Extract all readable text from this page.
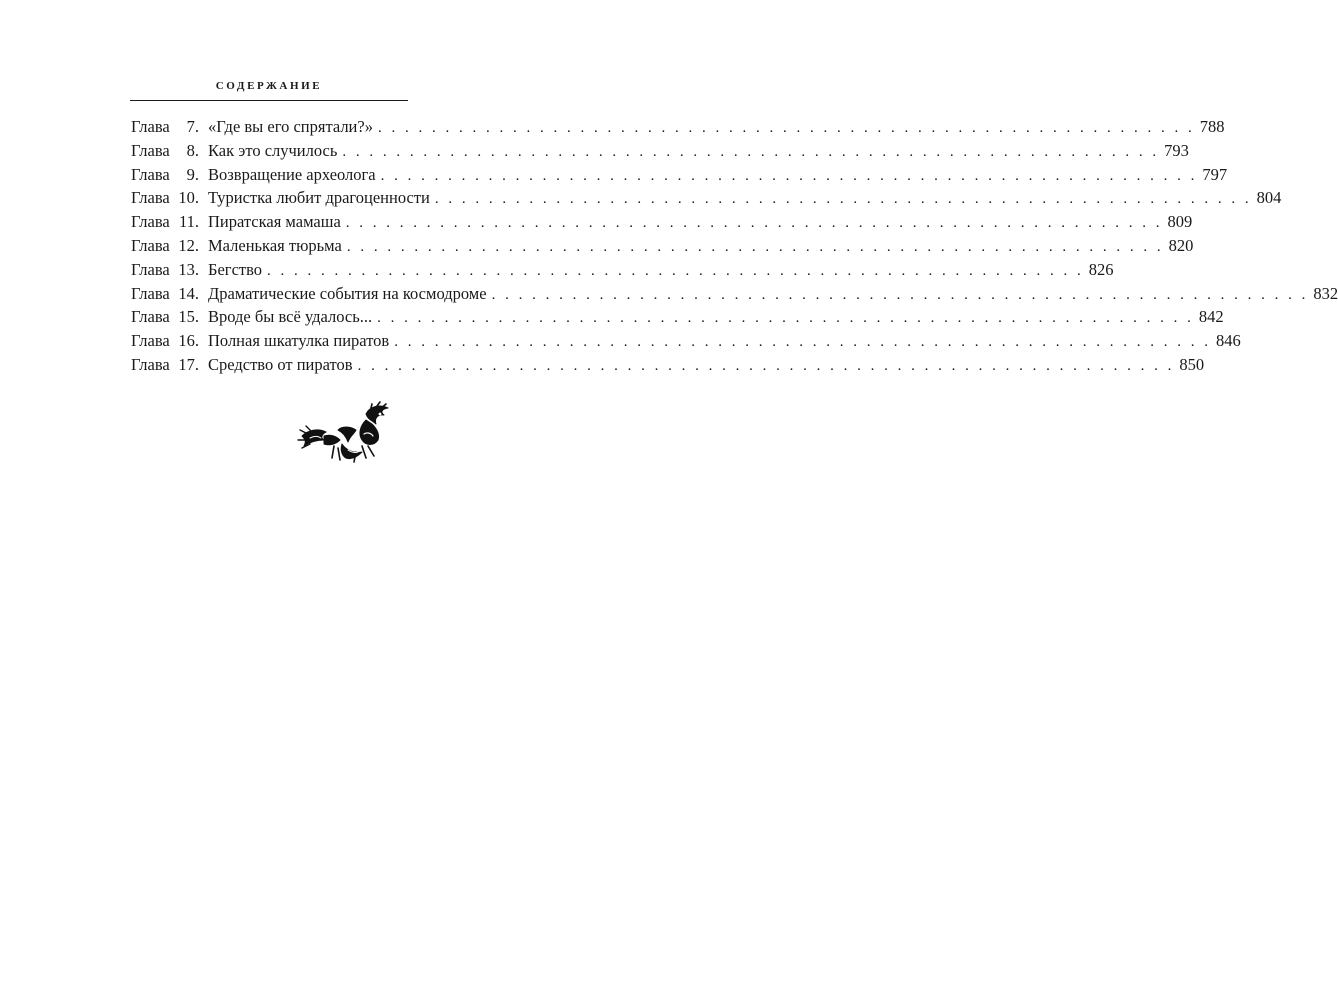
СОДЕРЖАНИЕ
Глава	7. «Где вы его спрятали?» . . . . . . . . . . . . . . . . . . . . . . . . . . . . . . . . . . . . . . . . . . . . . . . . . . . . . . . . . . . . . 788
Глава	8. Как это случилось . . . . . . . . . . . . . . . . . . . . . . . . . . . . . . . . . . . . . . . . . . . . . . . . . . . . . . . . . . . . . 793
Глава	9. Возвращение археолога . . . . . . . . . . . . . . . . . . . . . . . . . . . . . . . . . . . . . . . . . . . . . . . . . . . . . . . . . . . . . 797
Глава 10. Туристка любит драгоценности . . . . . . . . . . . . . . . . . . . . . . . . . . . . . . . . . . . . . . . . . . . . . . . . . . . . . . . . . . . . . 804
Глава 11. Пиратская мамаша . . . . . . . . . . . . . . . . . . . . . . . . . . . . . . . . . . . . . . . . . . . . . . . . . . . . . . . . . . . . . 809
Глава 12. Маленькая тюрьма . . . . . . . . . . . . . . . . . . . . . . . . . . . . . . . . . . . . . . . . . . . . . . . . . . . . . . . . . . . . . 820
Глава 13. Бегство . . . . . . . . . . . . . . . . . . . . . . . . . . . . . . . . . . . . . . . . . . . . . . . . . . . . . . . . . . . . . 826
Глава 14. Драматические события на космодроме . . . . . . . . . . . . . . . . . . . . . . . . . . . . . . . . . . . . . . . . . . . . . . . . . . . . . . . . . . . . . 832
Глава 15. Вроде бы всё удалось... . . . . . . . . . . . . . . . . . . . . . . . . . . . . . . . . . . . . . . . . . . . . . . . . . . . . . . . . . . . . . 842
Глава 16. Полная шкатулка пиратов . . . . . . . . . . . . . . . . . . . . . . . . . . . . . . . . . . . . . . . . . . . . . . . . . . . . . . . . . . . . . 846
Глава 17. Средство от пиратов . . . . . . . . . . . . . . . . . . . . . . . . . . . . . . . . . . . . . . . . . . . . . . . . . . . . . . . . . . . . . 850
